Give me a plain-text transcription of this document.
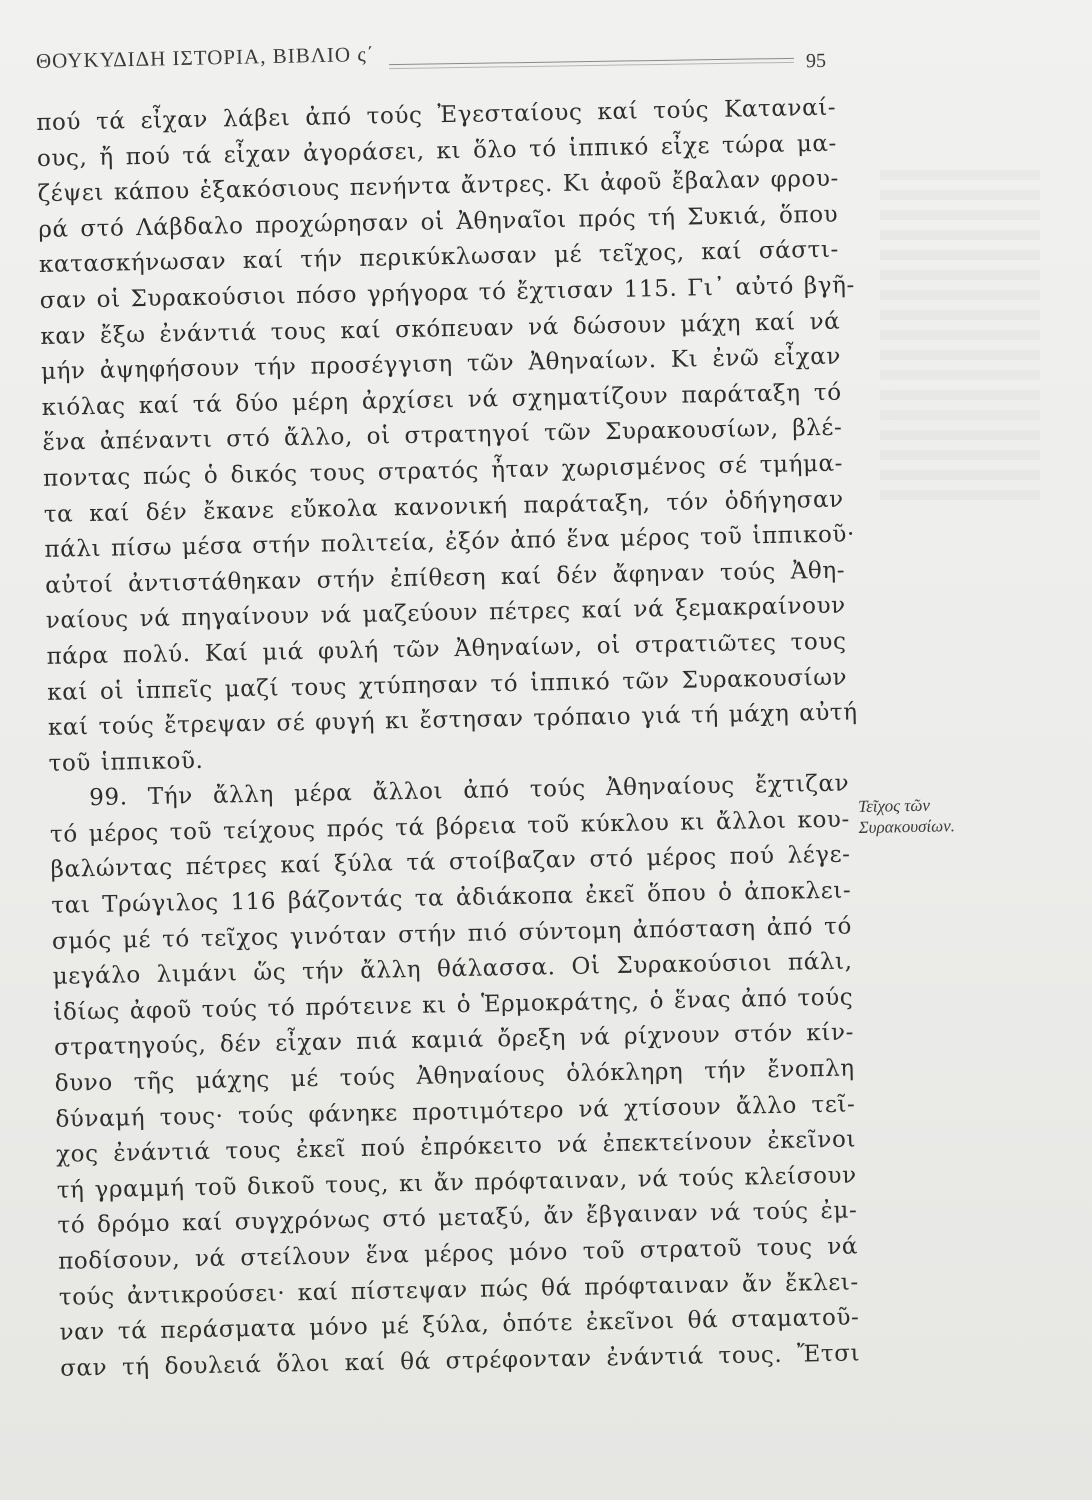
ΘΟΥΚΥΔΙΔΗ ΙΣΤΟΡΙΑ, ΒΙΒΛΙΟ ς΄	95
πού τά εἶχαν λάβει ἀπό τούς Ἐγεσταίους καί τούς Καταναί-
ους, ἤ πού τά εἶχαν ἀγοράσει, κι ὅλο τό ἱππικό εἶχε τώρα μα-
ζέψει κάπου ἑξακόσιους πενήντα ἄντρες. Κι ἀφοῦ ἔβαλαν φρου-
ρά στό Λάβδαλο προχώρησαν οἱ Ἀθηναῖοι πρός τή Συκιά, ὅπου
κατασκήνωσαν καί τήν περικύκλωσαν μέ τεῖχος, καί σάστι-
σαν οἱ Συρακούσιοι πόσο γρήγορα τό ἔχτισαν 115. Γι᾿ αὐτό βγῆ-
καν ἔξω ἐνάντιά τους καί σκόπευαν νά δώσουν μάχη καί νά
μήν ἀψηφήσουν τήν προσέγγιση τῶν Ἀθηναίων. Κι ἐνῶ εἶχαν
κιόλας καί τά δύο μέρη ἀρχίσει νά σχηματίζουν παράταξη τό
ἕνα ἀπέναντι στό ἄλλο, οἱ στρατηγοί τῶν Συρακουσίων, βλέ-
ποντας πώς ὁ δικός τους στρατός ἦταν χωρισμένος σέ τμήμα-
τα καί δέν ἔκανε εὔκολα κανονική παράταξη, τόν ὁδήγησαν
πάλι πίσω μέσα στήν πολιτεία, ἐξόν ἀπό ἕνα μέρος τοῦ ἱππικοῦ·
αὐτοί ἀντιστάθηκαν στήν ἐπίθεση καί δέν ἄφηναν τούς Ἀθη-
ναίους νά πηγαίνουν νά μαζεύουν πέτρες καί νά ξεμακραίνουν
πάρα πολύ. Καί μιά φυλή τῶν Ἀθηναίων, οἱ στρατιῶτες τους
καί οἱ ἱππεῖς μαζί τους χτύπησαν τό ἱππικό τῶν Συρακουσίων
καί τούς ἔτρεψαν σέ φυγή κι ἔστησαν τρόπαιο γιά τή μάχη αὐτή
τοῦ ἱππικοῦ.
99. Τήν ἄλλη μέρα ἄλλοι ἀπό τούς Ἀθηναίους ἔχτιζαν
τό μέρος τοῦ τείχους πρός τά βόρεια τοῦ κύκλου κι ἄλλοι κου-
βαλώντας πέτρες καί ξύλα τά στοίβαζαν στό μέρος πού λέγε-
ται Τρώγιλος 116 βάζοντάς τα ἀδιάκοπα ἐκεῖ ὅπου ὁ ἀποκλει-
σμός μέ τό τεῖχος γινόταν στήν πιό σύντομη ἀπόσταση ἀπό τό
μεγάλο λιμάνι ὥς τήν ἄλλη θάλασσα. Οἱ Συρακούσιοι πάλι,
ἰδίως ἀφοῦ τούς τό πρότεινε κι ὁ Ἑρμοκράτης, ὁ ἕνας ἀπό τούς
στρατηγούς, δέν εἶχαν πιά καμιά ὄρεξη νά ρίχνουν στόν κίν-
δυνο τῆς μάχης μέ τούς Ἀθηναίους ὁλόκληρη τήν ἔνοπλη
δύναμή τους· τούς φάνηκε προτιμότερο νά χτίσουν ἄλλο τεῖ-
χος ἐνάντιά τους ἐκεῖ πού ἐπρόκειτο νά ἐπεκτείνουν ἐκεῖνοι
τή γραμμή τοῦ δικοῦ τους, κι ἄν πρόφταιναν, νά τούς κλείσουν
τό δρόμο καί συγχρόνως στό μεταξύ, ἄν ἔβγαιναν νά τούς ἐμ-
ποδίσουν, νά στείλουν ἕνα μέρος μόνο τοῦ στρατοῦ τους νά
τούς ἀντικρούσει· καί πίστεψαν πώς θά πρόφταιναν ἄν ἔκλει-
ναν τά περάσματα μόνο μέ ξύλα, ὁπότε ἐκεῖνοι θά σταματοῦ-
σαν τή δουλειά ὅλοι καί θά στρέφονταν ἐνάντιά τους. Ἔτσι
Τεῖχος τῶν
Συρακουσίων.
